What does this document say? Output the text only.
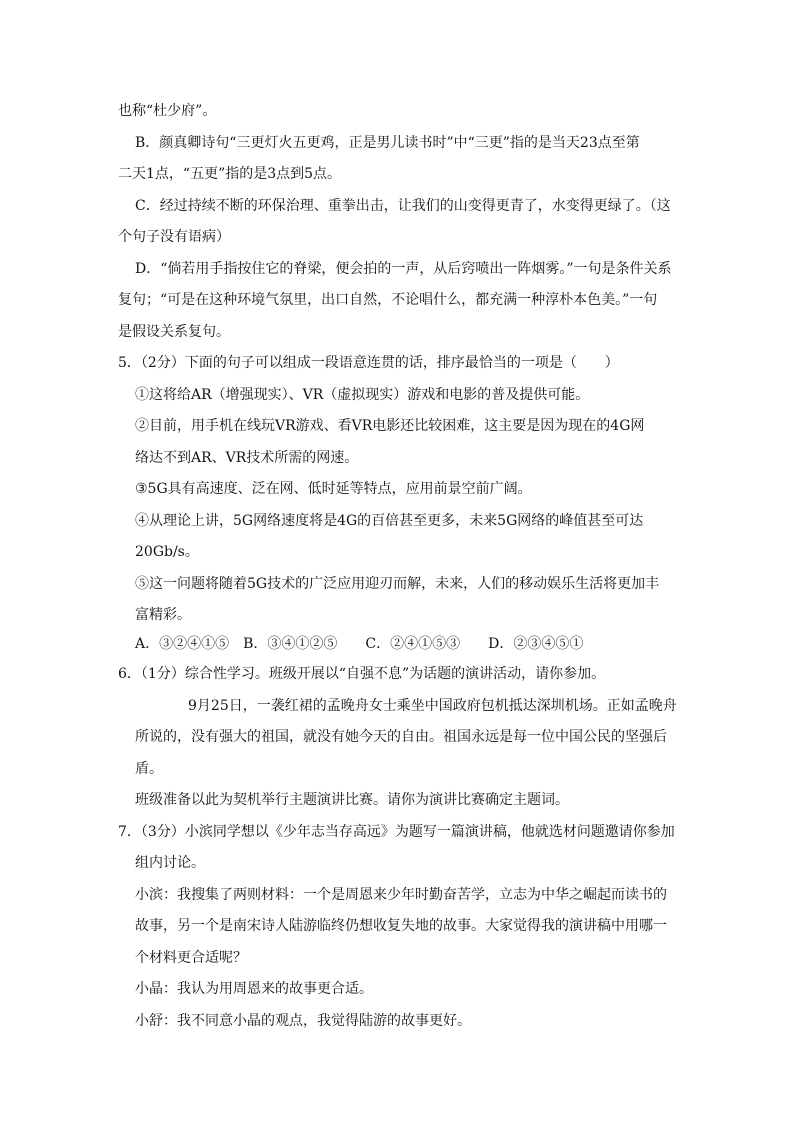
也称“杜少府”。
B．颜真卿诗句“三更灯火五更鸡，正是男儿读书时”中“三更”指的是当天23点至第
二天1点，“五更”指的是3点到5点。
C．经过持续不断的环保治理、重拳出击，让我们的山变得更青了，水变得更绿了。（这
个句子没有语病）
D．“倘若用手指按住它的脊梁，便会拍的一声，从后窍喷出一阵烟雾。”一句是条件关系
复句；“可是在这种环境气氛里，出口自然，不论唱什么，都充满一种淳朴本色美。”一句
是假设关系复句。
5．（2分）下面的句子可以组成一段语意连贯的话，排序最恰当的一项是（　　）
①这将给AR（增强现实）、VR（虚拟现实）游戏和电影的普及提供可能。
②目前，用手机在线玩VR游戏、看VR电影还比较困难，这主要是因为现在的4G网
络达不到AR、VR技术所需的网速。
③5G具有高速度、泛在网、低时延等特点，应用前景空前广阔。
④从理论上讲，5G网络速度将是4G的百倍甚至更多，未来5G网络的峰值甚至可达
20Gb/s。
⑤这一问题将随着5G技术的广泛应用迎刃而解，未来，人们的移动娱乐生活将更加丰
富精彩。
A．③②④①⑤　B．③④①②⑤　　C．②④①⑤③　　D．②③④⑤①
6．（1分）综合性学习。班级开展以“自强不息”为话题的演讲活动，请你参加。
9月25日，一袭红裙的孟晚舟女士乘坐中国政府包机抵达深圳机场。正如孟晚舟
所说的，没有强大的祖国，就没有她今天的自由。祖国永远是每一位中国公民的坚强后
盾。
班级准备以此为契机举行主题演讲比赛。请你为演讲比赛确定主题词。
7．（3分）小滨同学想以《少年志当存高远》为题写一篇演讲稿，他就选材问题邀请你参加
组内讨论。
小滨：我搜集了两则材料：一个是周恩来少年时勤奋苦学，立志为中华之崛起而读书的
故事，另一个是南宋诗人陆游临终仍想收复失地的故事。大家觉得我的演讲稿中用哪一
个材料更合适呢？
小晶：我认为用周恩来的故事更合适。
小舒：我不同意小晶的观点，我觉得陆游的故事更好。
